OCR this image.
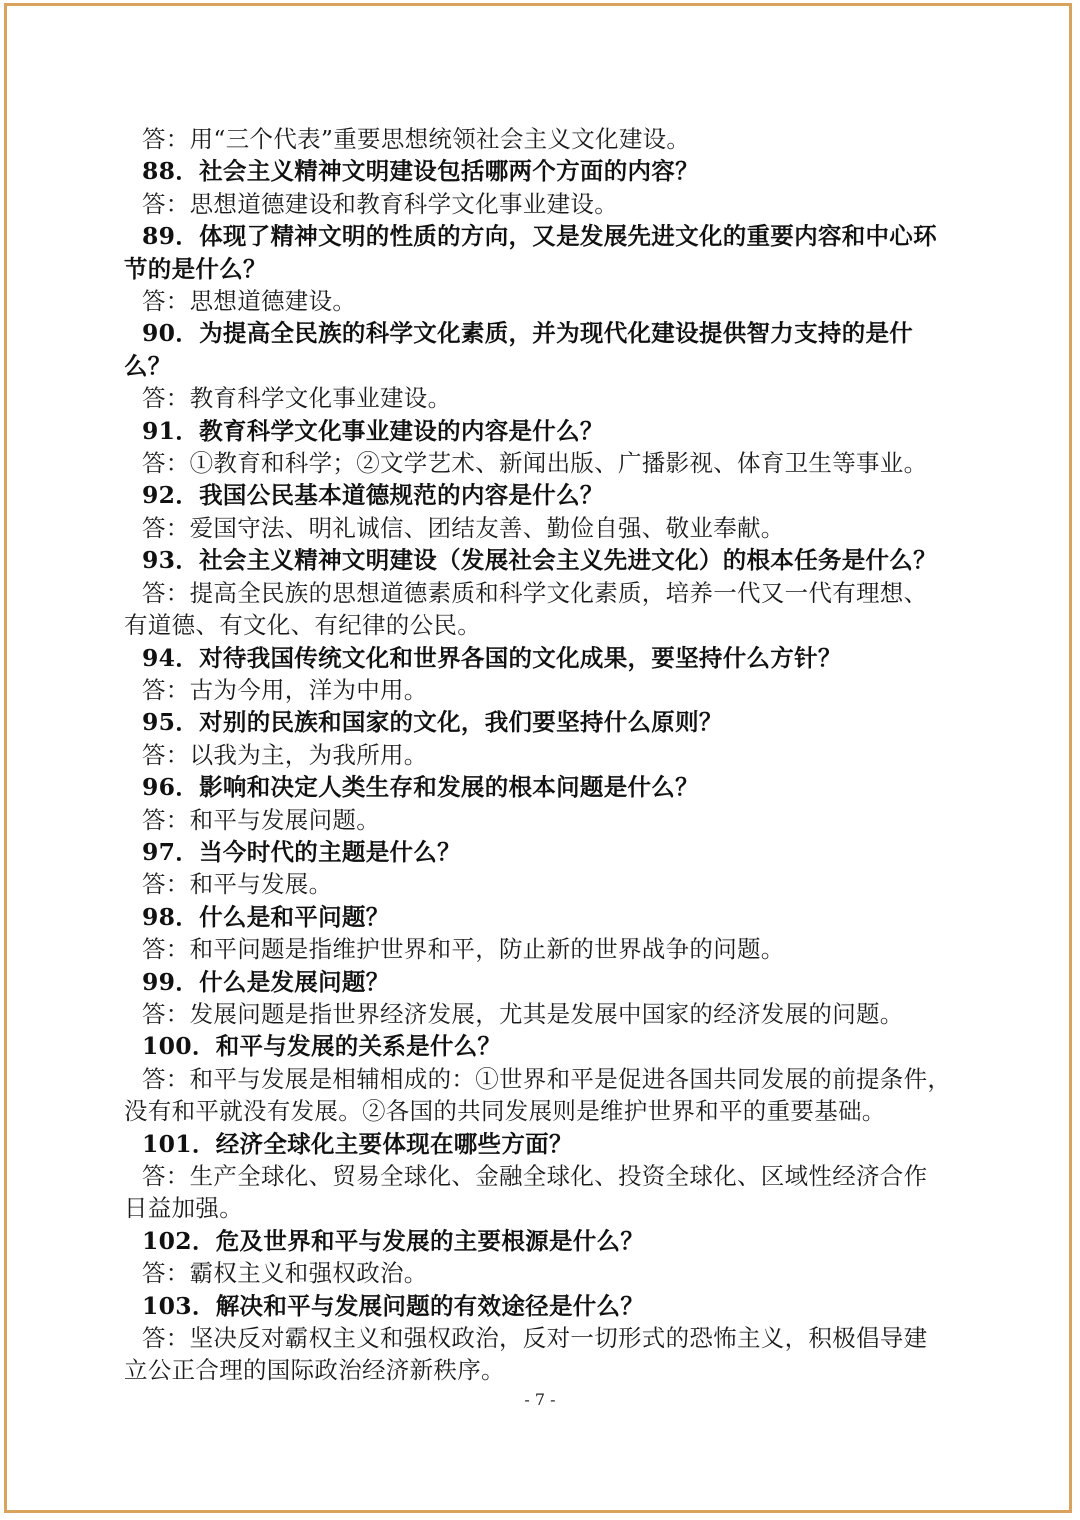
答：用“三个代表”重要思想统领社会主义文化建设。

88．社会主义精神文明建设包括哪两个方面的内容？

答：思想道德建设和教育科学文化事业建设。

89．体现了精神文明的性质的方向，又是发展先进文化的重要内容和中心环

节的是什么？

答：思想道德建设。

90．为提高全民族的科学文化素质，并为现代化建设提供智力支持的是什

么？

答：教育科学文化事业建设。

91．教育科学文化事业建设的内容是什么？

答：①教育和科学；②文学艺术、新闻出版、广播影视、体育卫生等事业。

92．我国公民基本道德规范的内容是什么？

答：爱国守法、明礼诚信、团结友善、勤俭自强、敬业奉献。

93．社会主义精神文明建设（发展社会主义先进文化）的根本任务是什么？

答：提高全民族的思想道德素质和科学文化素质，培养一代又一代有理想、

有道德、有文化、有纪律的公民。

94．对待我国传统文化和世界各国的文化成果，要坚持什么方针？

答：古为今用，洋为中用。

95．对别的民族和国家的文化，我们要坚持什么原则？

答：以我为主，为我所用。

96．影响和决定人类生存和发展的根本问题是什么？

答：和平与发展问题。

97．当今时代的主题是什么？

答：和平与发展。

98．什么是和平问题？

答：和平问题是指维护世界和平，防止新的世界战争的问题。

99．什么是发展问题？

答：发展问题是指世界经济发展，尤其是发展中国家的经济发展的问题。

100．和平与发展的关系是什么？

答：和平与发展是相辅相成的：①世界和平是促进各国共同发展的前提条件，

没有和平就没有发展。②各国的共同发展则是维护世界和平的重要基础。

101．经济全球化主要体现在哪些方面？

答：生产全球化、贸易全球化、金融全球化、投资全球化、区域性经济合作

日益加强。

102．危及世界和平与发展的主要根源是什么？

答：霸权主义和强权政治。

103．解决和平与发展问题的有效途径是什么？

答：坚决反对霸权主义和强权政治，反对一切形式的恐怖主义，积极倡导建

立公正合理的国际政治经济新秩序。

- 7 -
